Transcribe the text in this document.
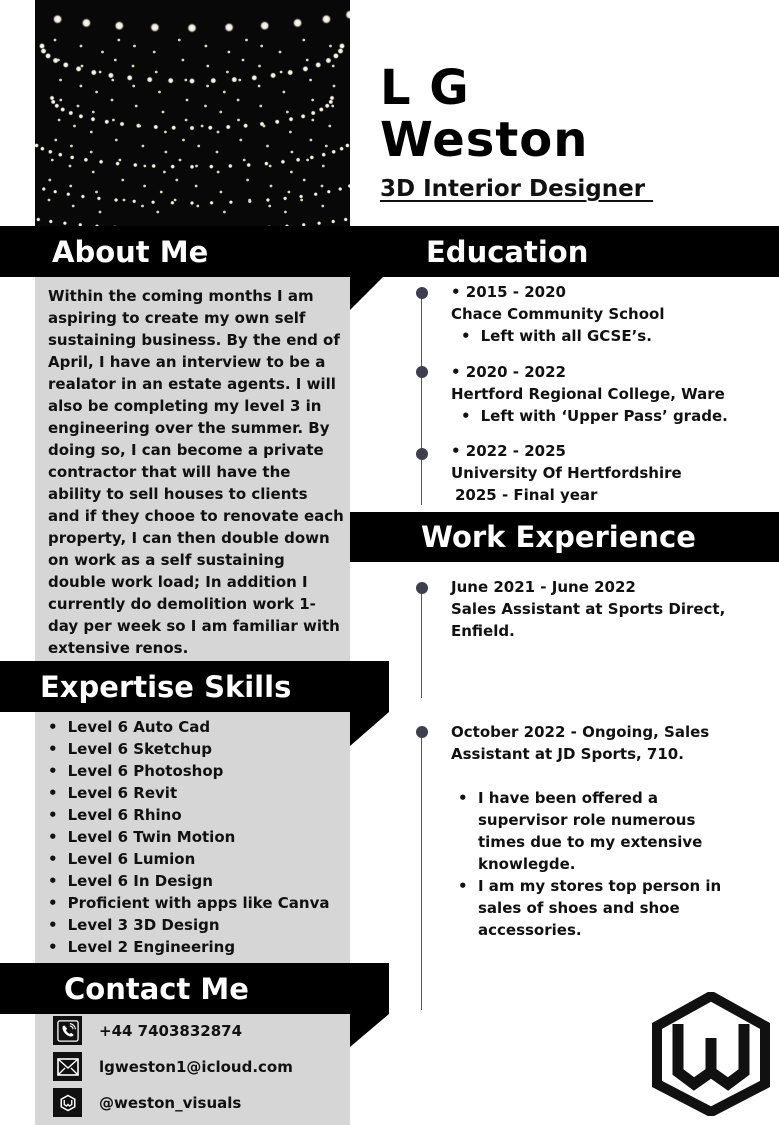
L G
Weston
3D Interior Designer
About Me	Education
Work Experience
Expertise Skills
Contact Me

Within the coming months I am aspiring to create my own self sustaining business. By the end of April, I have an interview to be a realator in an estate agents. I will also be completing my level 3 in engineering over the summer. By doing so, I can become a private contractor that will have the ability to sell houses to clients and if they chooe to renovate each property, I can then double down on work as a self sustaining double work load; In addition I currently do demolition work 1-day per week so I am familiar with extensive renos.

• 2015 - 2020
Chace Community School
• Left with all GCSE’s.
• 2020 - 2022
Hertford Regional College, Ware
• Left with ‘Upper Pass’ grade.
• 2022 - 2025
University Of Hertfordshire
2025 - Final year
June 2021 - June 2022
Sales Assistant at Sports Direct,
Enfield.
October 2022 - Ongoing, Sales
Assistant at JD Sports, 710.
• I have been offered a supervisor role numerous times due to my extensive knowlegde.
• I am my stores top person in sales of shoes and shoe accessories.
• Level 6 Auto Cad
• Level 6 Sketchup
• Level 6 Photoshop
• Level 6 Revit
• Level 6 Rhino
• Level 6 Twin Motion
• Level 6 Lumion
• Level 6 In Design
• Proficient with apps like Canva
• Level 3 3D Design
• Level 2 Engineering
+44 7403832874
lgweston1@icloud.com
@weston_visuals
